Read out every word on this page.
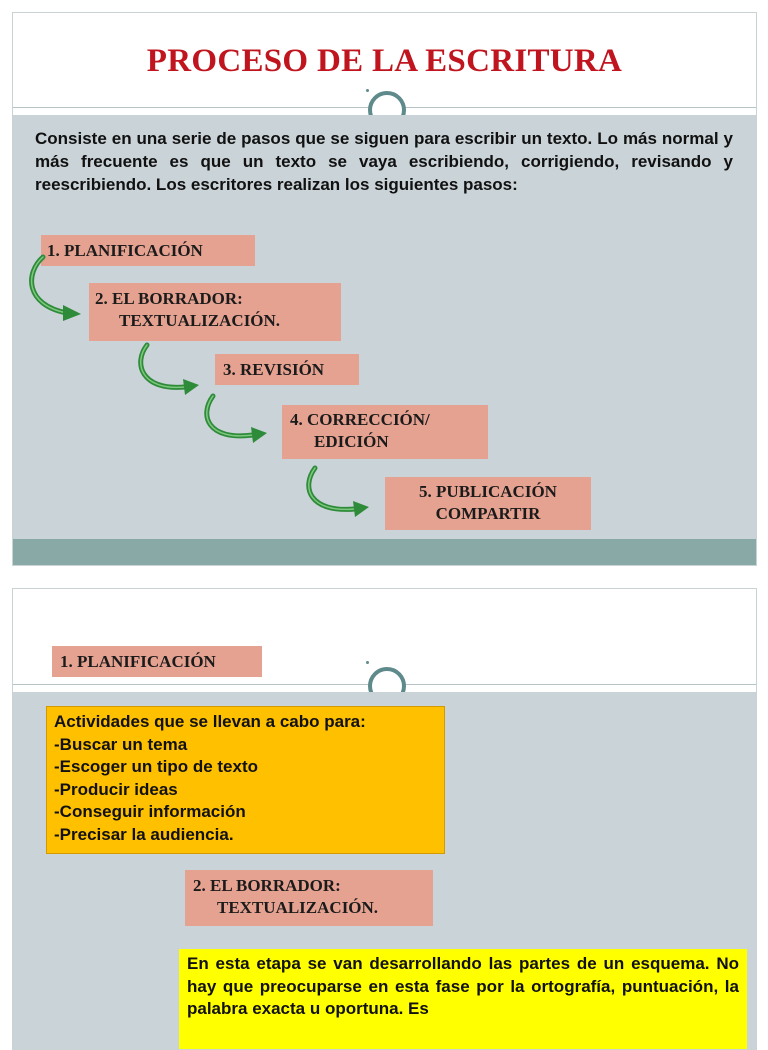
PROCESO DE LA ESCRITURA
Consiste en una serie de pasos que se siguen para escribir un texto. Lo más normal y más frecuente es que un texto se vaya escribiendo, corrigiendo, revisando y reescribiendo. Los escritores realizan los siguientes pasos:
1. PLANIFICACIÓN
2. EL BORRADOR:
TEXTUALIZACIÓN.
3. REVISIÓN
4. CORRECCIÓN/
EDICIÓN
5. PUBLICACIÓN
COMPARTIR
1. PLANIFICACIÓN
Actividades que se llevan a cabo para:
-Buscar un tema
-Escoger un tipo de texto
-Producir ideas
-Conseguir información
-Precisar la audiencia.
2. EL BORRADOR:
TEXTUALIZACIÓN.
En esta etapa se van desarrollando las partes de un esquema. No hay que preocuparse en esta fase por la ortografía, puntuación, la palabra exacta u oportuna. Es
